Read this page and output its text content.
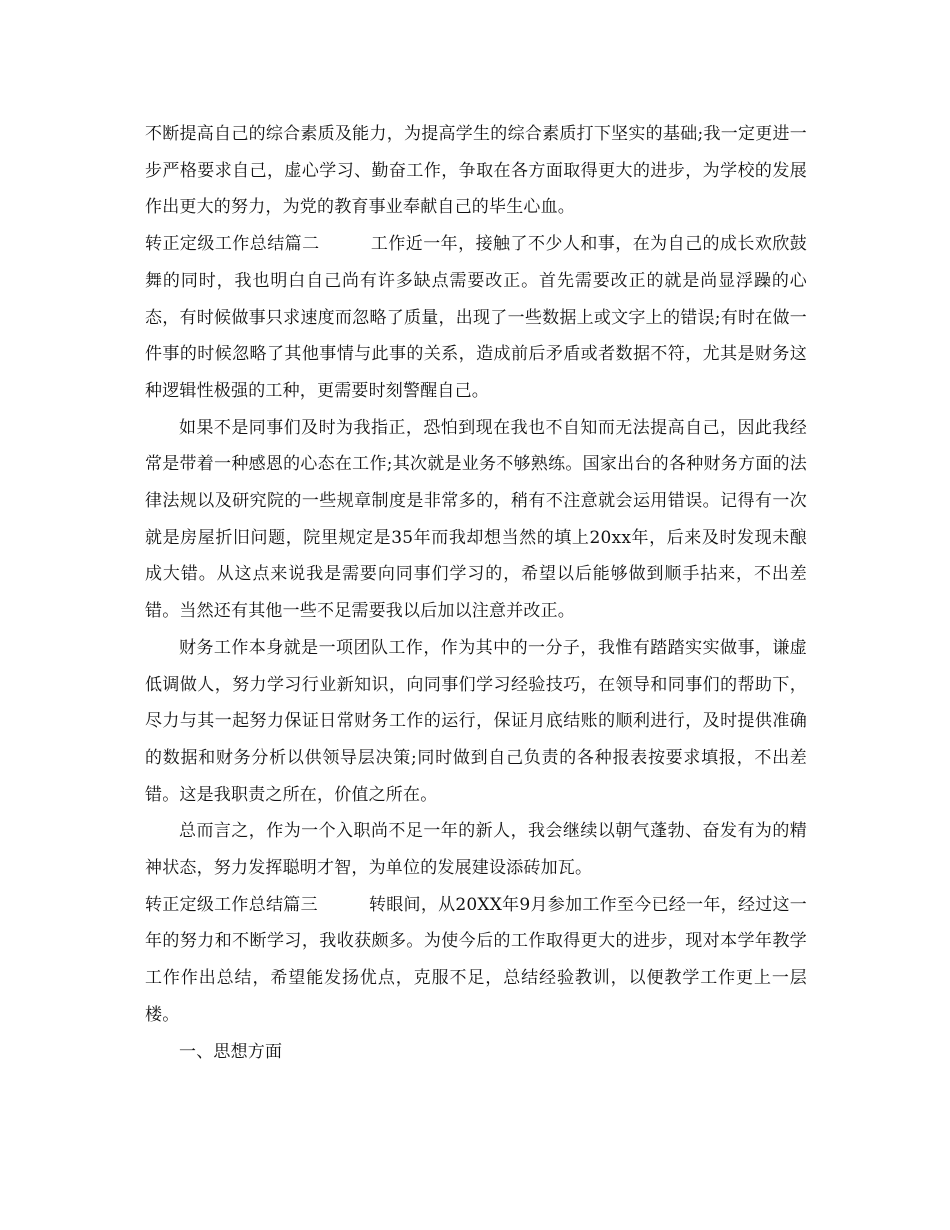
不断提高自己的综合素质及能力，为提高学生的综合素质打下坚实的基础;我一定更进一步严格要求自己，虚心学习、勤奋工作，争取在各方面取得更大的进步，为学校的发展作出更大的努力，为党的教育事业奉献自己的毕生心血。

转正定级工作总结篇二	工作近一年，接触了不少人和事，在为自己的成长欢欣鼓舞的同时，我也明白自己尚有许多缺点需要改正。首先需要改正的就是尚显浮躁的心态，有时候做事只求速度而忽略了质量，出现了一些数据上或文字上的错误;有时在做一件事的时候忽略了其他事情与此事的关系，造成前后矛盾或者数据不符，尤其是财务这种逻辑性极强的工种，更需要时刻警醒自己。

如果不是同事们及时为我指正，恐怕到现在我也不自知而无法提高自己，因此我经常是带着一种感恩的心态在工作;其次就是业务不够熟练。国家出台的各种财务方面的法律法规以及研究院的一些规章制度是非常多的，稍有不注意就会运用错误。记得有一次就是房屋折旧问题，院里规定是35年而我却想当然的填上20xx年，后来及时发现未酿成大错。从这点来说我是需要向同事们学习的，希望以后能够做到顺手拈来，不出差错。当然还有其他一些不足需要我以后加以注意并改正。

财务工作本身就是一项团队工作，作为其中的一分子，我惟有踏踏实实做事，谦虚低调做人，努力学习行业新知识，向同事们学习经验技巧，在领导和同事们的帮助下，尽力与其一起努力保证日常财务工作的运行，保证月底结账的顺利进行，及时提供准确的数据和财务分析以供领导层决策;同时做到自己负责的各种报表按要求填报，不出差错。这是我职责之所在，价值之所在。

总而言之，作为一个入职尚不足一年的新人，我会继续以朝气蓬勃、奋发有为的精神状态，努力发挥聪明才智，为单位的发展建设添砖加瓦。

转正定级工作总结篇三	转眼间，从20XX年9月参加工作至今已经一年，经过这一年的努力和不断学习，我收获颇多。为使今后的工作取得更大的进步，现对本学年教学工作作出总结，希望能发扬优点，克服不足，总结经验教训，以便教学工作更上一层楼。

一、思想方面
